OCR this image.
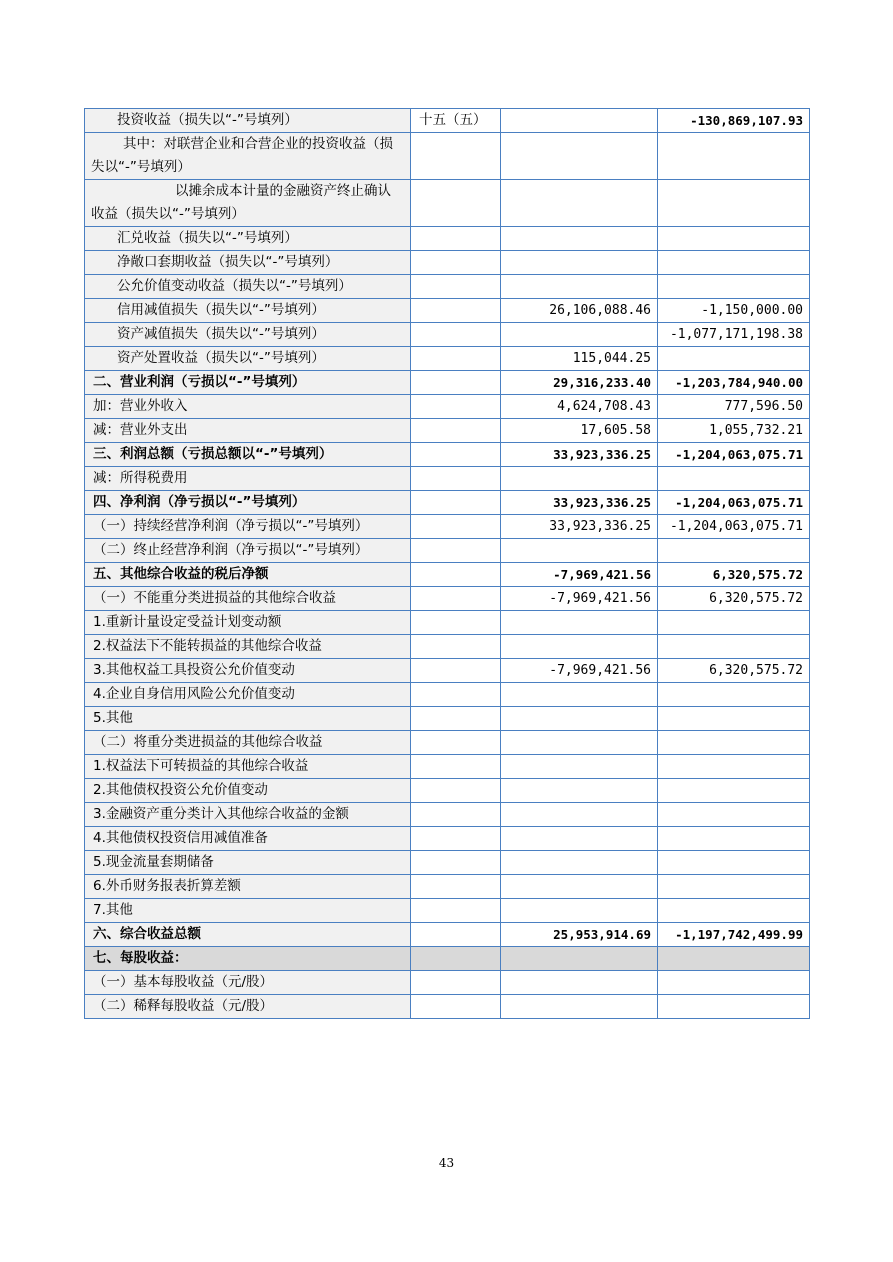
投资收益（损失以“-”号填列）	十五（五）		-130,869,107.93
其中：对联营企业和合营企业的投资收益（损失以“-”号填列）			
以摊余成本计量的金融资产终止确认收益（损失以“-”号填列）			
汇兑收益（损失以“-”号填列）			
净敞口套期收益（损失以“-”号填列）			
公允价值变动收益（损失以“-”号填列）			
信用减值损失（损失以“-”号填列）		26,106,088.46	-1,150,000.00
资产减值损失（损失以“-”号填列）			-1,077,171,198.38
资产处置收益（损失以“-”号填列）		115,044.25	
二、营业利润（亏损以“-”号填列）		29,316,233.40	-1,203,784,940.00
加：营业外收入		4,624,708.43	777,596.50
减：营业外支出		17,605.58	1,055,732.21
三、利润总额（亏损总额以“-”号填列）		33,923,336.25	-1,204,063,075.71
减：所得税费用			
四、净利润（净亏损以“-”号填列）		33,923,336.25	-1,204,063,075.71
（一）持续经营净利润（净亏损以“-”号填列）		33,923,336.25	-1,204,063,075.71
（二）终止经营净利润（净亏损以“-”号填列）			
五、其他综合收益的税后净额		-7,969,421.56	6,320,575.72
（一）不能重分类进损益的其他综合收益		-7,969,421.56	6,320,575.72
1.重新计量设定受益计划变动额			
2.权益法下不能转损益的其他综合收益			
3.其他权益工具投资公允价值变动		-7,969,421.56	6,320,575.72
4.企业自身信用风险公允价值变动			
5.其他			
（二）将重分类进损益的其他综合收益			
1.权益法下可转损益的其他综合收益			
2.其他债权投资公允价值变动			
3.金融资产重分类计入其他综合收益的金额			
4.其他债权投资信用减值准备			
5.现金流量套期储备			
6.外币财务报表折算差额			
7.其他			
六、综合收益总额		25,953,914.69	-1,197,742,499.99
七、每股收益：			
（一）基本每股收益（元/股）			
（二）稀释每股收益（元/股）			
43
